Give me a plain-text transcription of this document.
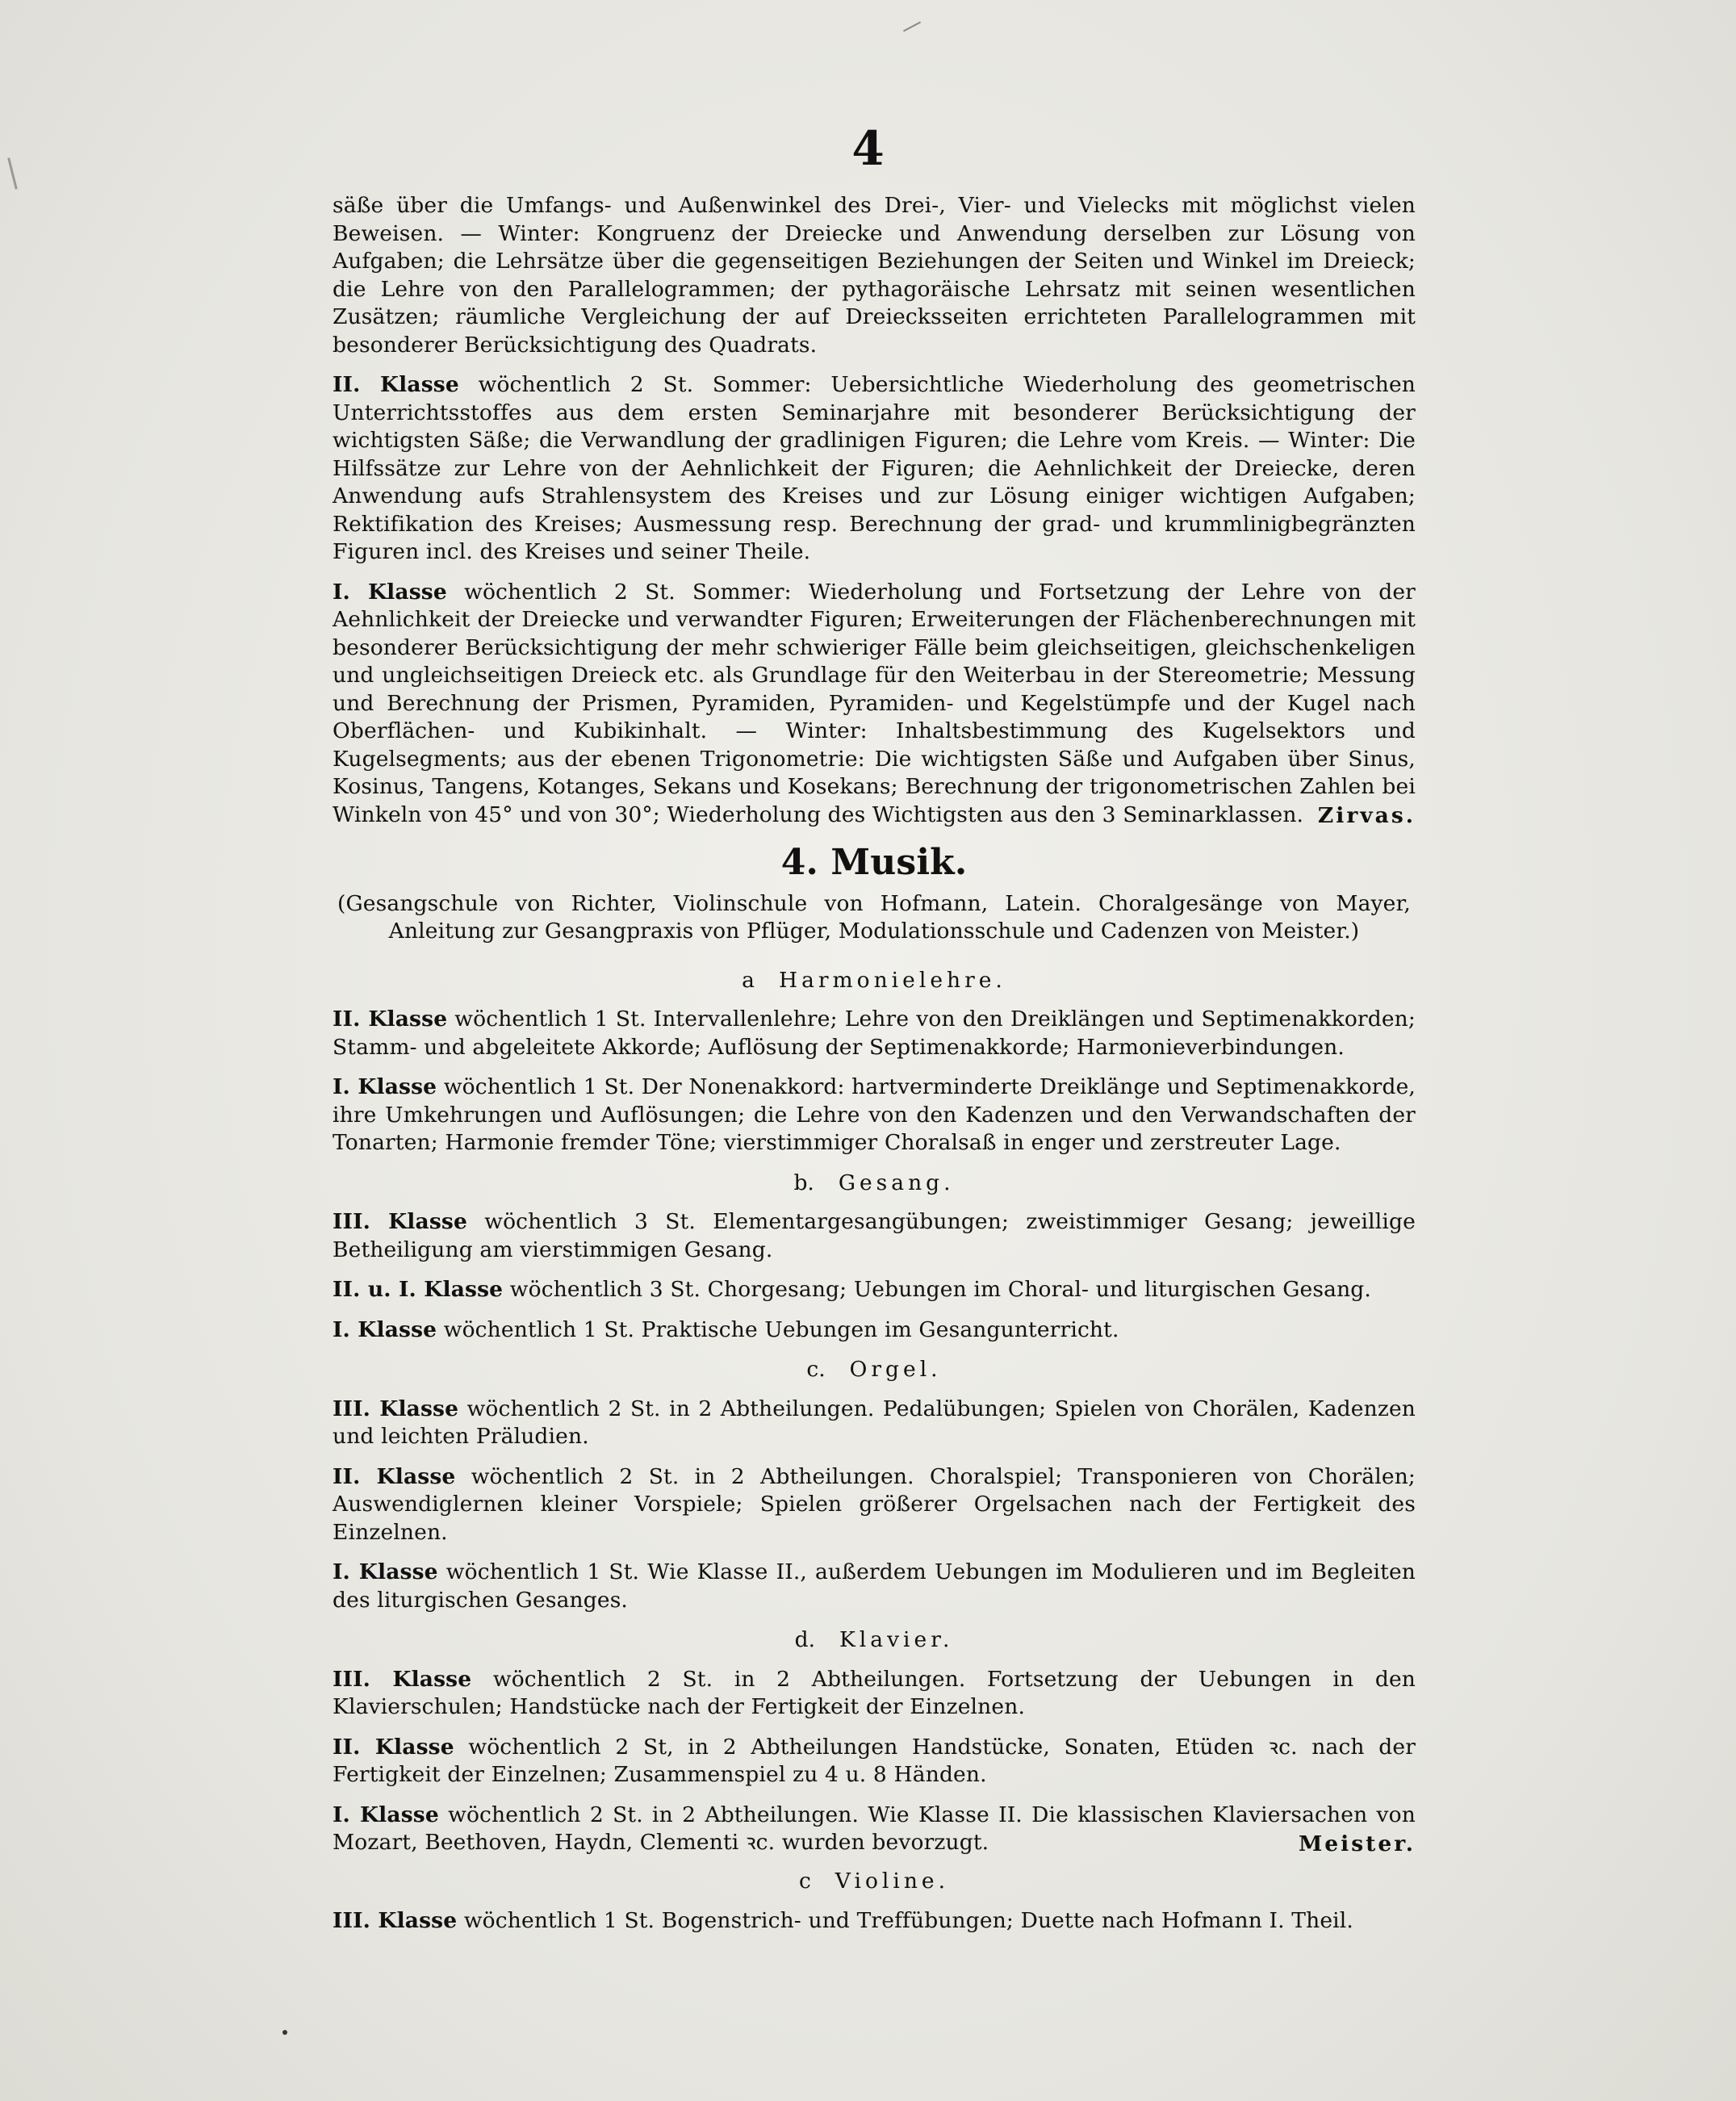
4

säße über die Umfangs- und Außenwinkel des Drei-, Vier- und Vielecks mit möglichst vielen Beweisen. — Winter: Kongruenz der Dreiecke und Anwendung derselben zur Lösung von Aufgaben; die Lehrsätze über die gegenseitigen Beziehungen der Seiten und Winkel im Dreieck; die Lehre von den Parallelogrammen; der pythagoräische Lehrsatz mit seinen wesentlichen Zusätzen; räumliche Vergleichung der auf Dreiecksseiten errichteten Parallelogrammen mit besonderer Berücksichtigung des Quadrats.

II. Klasse wöchentlich 2 St. Sommer: Uebersichtliche Wiederholung des geometrischen Unterrichtsstoffes aus dem ersten Seminarjahre mit besonderer Berücksichtigung der wichtigsten Säße; die Verwandlung der gradlinigen Figuren; die Lehre vom Kreis. — Winter: Die Hilfssätze zur Lehre von der Aehnlichkeit der Figuren; die Aehnlichkeit der Dreiecke, deren Anwendung aufs Strahlensystem des Kreises und zur Lösung einiger wichtigen Aufgaben; Rektifikation des Kreises; Ausmessung resp. Berechnung der grad- und krummlinigbegränzten Figuren incl. des Kreises und seiner Theile.

I. Klasse wöchentlich 2 St. Sommer: Wiederholung und Fortsetzung der Lehre von der Aehnlichkeit der Dreiecke und verwandter Figuren; Erweiterungen der Flächenberechnungen mit besonderer Berücksichtigung der mehr schwieriger Fälle beim gleichseitigen, gleichschenkeligen und ungleichseitigen Dreieck etc. als Grundlage für den Weiterbau in der Stereometrie; Messung und Berechnung der Prismen, Pyramiden, Pyramiden- und Kegelstümpfe und der Kugel nach Oberflächen- und Kubikinhalt. — Winter: Inhaltsbestimmung des Kugelsektors und Kugelsegments; aus der ebenen Trigonometrie: Die wichtigsten Säße und Aufgaben über Sinus, Kosinus, Tangens, Kotanges, Sekans und Kosekans; Berechnung der trigonometrischen Zahlen bei Winkeln von 45° und von 30°; Wiederholung des Wichtigsten aus den 3 Seminarklassen. Zirvas.
4. Musik.

(Gesangschule von Richter, Violinschule von Hofmann, Latein. Choralgesänge von Mayer, Anleitung zur Gesangpraxis von Pflüger, Modulationsschule und Cadenzen von Meister.)

a Harmonielehre.

II. Klasse wöchentlich 1 St. Intervallenlehre; Lehre von den Dreiklängen und Septimenakkorden; Stamm- und abgeleitete Akkorde; Auflösung der Septimenakkorde; Harmonieverbindungen.

I. Klasse wöchentlich 1 St. Der Nonenakkord: hartverminderte Dreiklänge und Septimenakkorde, ihre Umkehrungen und Auflösungen; die Lehre von den Kadenzen und den Verwandschaften der Tonarten; Harmonie fremder Töne; vierstimmiger Choralsaß in enger und zerstreuter Lage.

b. Gesang.

III. Klasse wöchentlich 3 St. Elementargesangübungen; zweistimmiger Gesang; jeweillige Betheiligung am vierstimmigen Gesang.

II. u. I. Klasse wöchentlich 3 St. Chorgesang; Uebungen im Choral- und liturgischen Gesang.

I. Klasse wöchentlich 1 St. Praktische Uebungen im Gesangunterricht.

c. Orgel.

III. Klasse wöchentlich 2 St. in 2 Abtheilungen. Pedalübungen; Spielen von Chorälen, Kadenzen und leichten Präludien.

II. Klasse wöchentlich 2 St. in 2 Abtheilungen. Choralspiel; Transponieren von Chorälen; Auswendiglernen kleiner Vorspiele; Spielen größerer Orgelsachen nach der Fertigkeit des Einzelnen.

I. Klasse wöchentlich 1 St. Wie Klasse II., außerdem Uebungen im Modulieren und im Begleiten des liturgischen Gesanges.

d. Klavier.

III. Klasse wöchentlich 2 St. in 2 Abtheilungen. Fortsetzung der Uebungen in den Klavierschulen; Handstücke nach der Fertigkeit der Einzelnen.

II. Klasse wöchentlich 2 St, in 2 Abtheilungen Handstücke, Sonaten, Etüden ꝛc. nach der Fertigkeit der Einzelnen; Zusammenspiel zu 4 u. 8 Händen.

I. Klasse wöchentlich 2 St. in 2 Abtheilungen. Wie Klasse II. Die klassischen Klaviersachen von Mozart, Beethoven, Haydn, Clementi ꝛc. wurden bevorzugt.	Meister.
c Violine.

III. Klasse wöchentlich 1 St. Bogenstrich- und Treffübungen; Duette nach Hofmann I. Theil.
